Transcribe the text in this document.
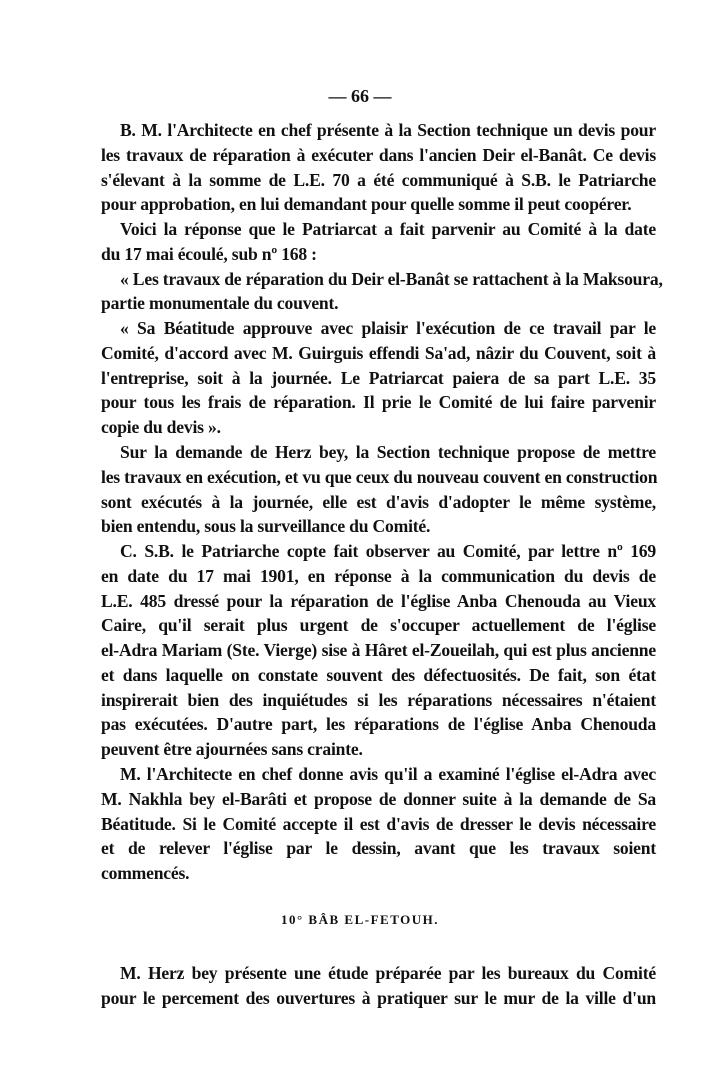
— 66 —
B. M. l'Architecte en chef présente à la Section technique un devis pour
les travaux de réparation à exécuter dans l'ancien Deir el-Banât. Ce devis
s'élevant à la somme de L.E. 70 a été communiqué à S.B. le Patriarche
pour approbation, en lui demandant pour quelle somme il peut coopérer.
Voici la réponse que le Patriarcat a fait parvenir au Comité à la date
du 17 mai écoulé, sub nº 168 :
« Les travaux de réparation du Deir el-Banât se rattachent à la Maksoura,
partie monumentale du couvent.
« Sa Béatitude approuve avec plaisir l'exécution de ce travail par le
Comité, d'accord avec M. Guirguis effendi Sa'ad, nâzir du Couvent, soit à
l'entreprise, soit à la journée. Le Patriarcat paiera de sa part L.E. 35
pour tous les frais de réparation. Il prie le Comité de lui faire parvenir
copie du devis ».
Sur la demande de Herz bey, la Section technique propose de mettre
les travaux en exécution, et vu que ceux du nouveau couvent en construction
sont exécutés à la journée, elle est d'avis d'adopter le même système,
bien entendu, sous la surveillance du Comité.
C. S.B. le Patriarche copte fait observer au Comité, par lettre nº 169
en date du 17 mai 1901, en réponse à la communication du devis de
L.E. 485 dressé pour la réparation de l'église Anba Chenouda au Vieux
Caire, qu'il serait plus urgent de s'occuper actuellement de l'église
el-Adra Mariam (Ste. Vierge) sise à Hâret el-Zoueilah, qui est plus ancienne
et dans laquelle on constate souvent des défectuosités. De fait, son état
inspirerait bien des inquiétudes si les réparations nécessaires n'étaient
pas exécutées. D'autre part, les réparations de l'église Anba Chenouda
peuvent être ajournées sans crainte.
M. l'Architecte en chef donne avis qu'il a examiné l'église el-Adra avec
M. Nakhla bey el-Barâti et propose de donner suite à la demande de Sa
Béatitude. Si le Comité accepte il est d'avis de dresser le devis nécessaire
et de relever l'église par le dessin, avant que les travaux soient
commencés.
10° BÂB EL-FETOUH.
M. Herz bey présente une étude préparée par les bureaux du Comité
pour le percement des ouvertures à pratiquer sur le mur de la ville d'un
